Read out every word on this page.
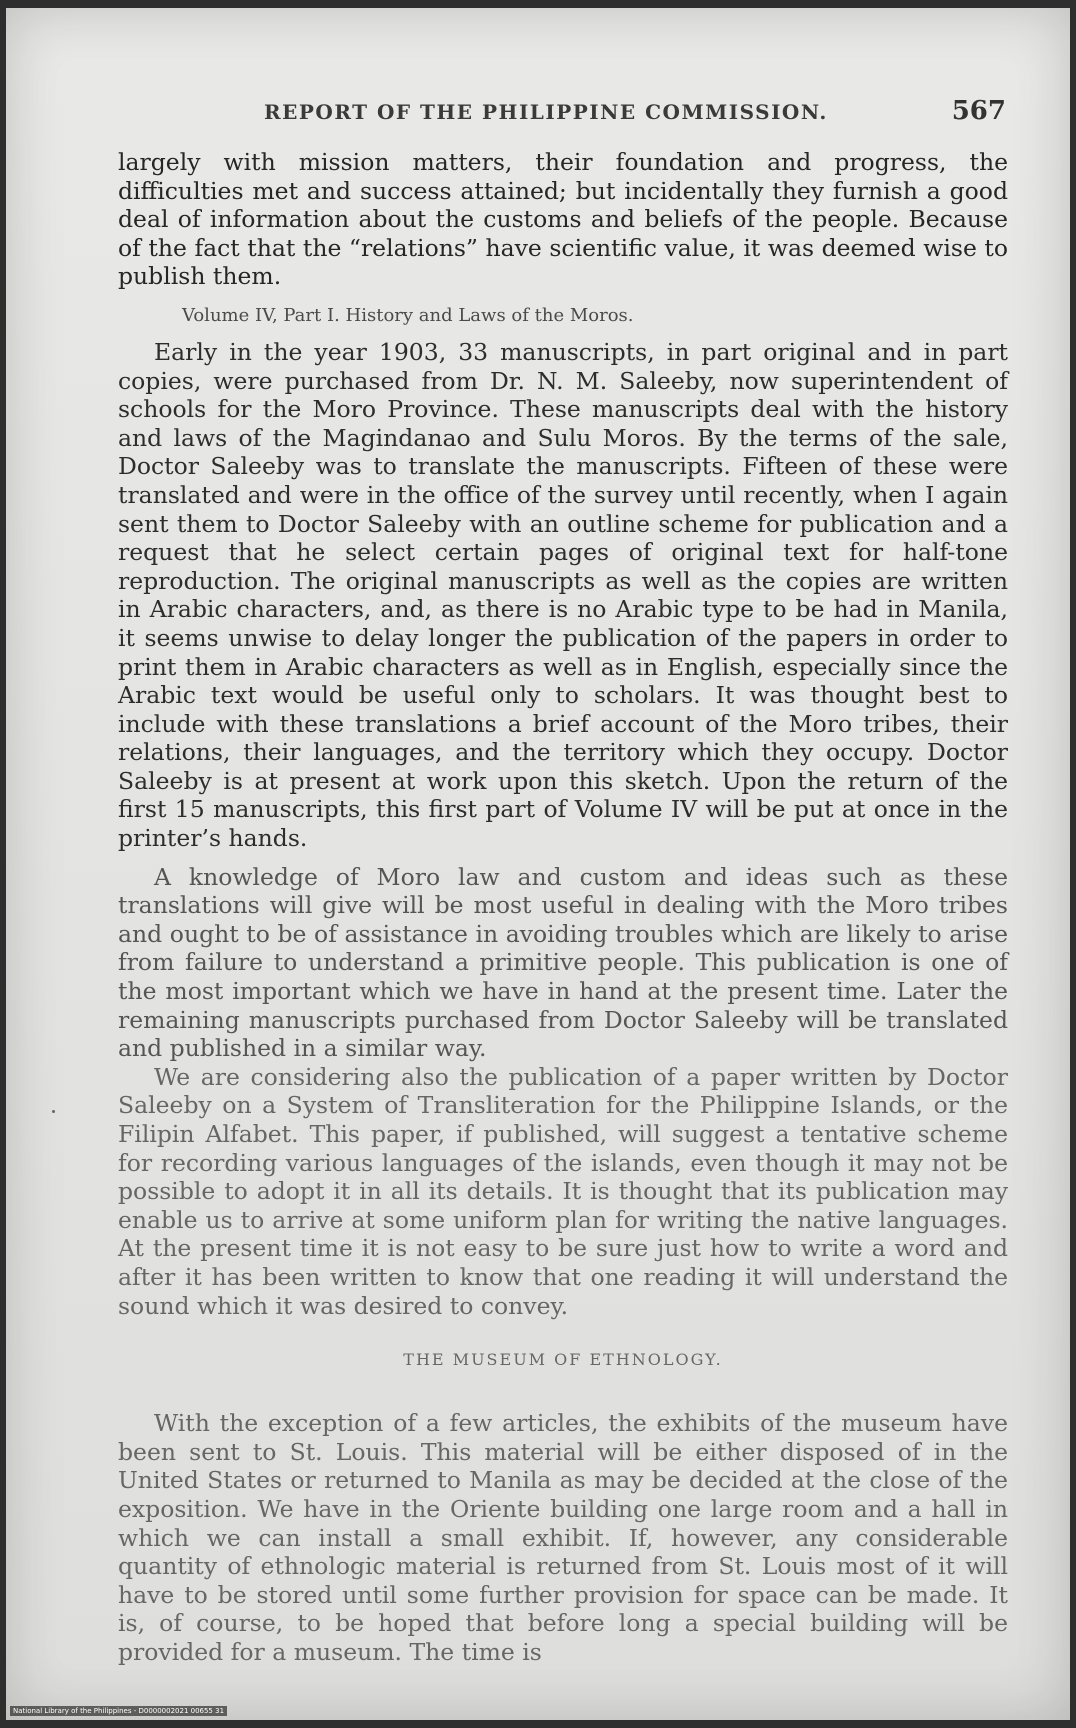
REPORT OF THE PHILIPPINE COMMISSION.	567

largely with mission matters, their foundation and progress, the difficulties met and success attained; but incidentally they furnish a good deal of information about the customs and beliefs of the people. Because of the fact that the “relations” have scientific value, it was deemed wise to publish them.

Volume IV, Part I. History and Laws of the Moros.

Early in the year 1903, 33 manuscripts, in part original and in part copies, were purchased from Dr. N. M. Saleeby, now superintendent of schools for the Moro Province. These manuscripts deal with the history and laws of the Magindanao and Sulu Moros. By the terms of the sale, Doctor Saleeby was to translate the manuscripts. Fifteen of these were translated and were in the office of the survey until recently, when I again sent them to Doctor Saleeby with an outline scheme for publication and a request that he select certain pages of original text for half-tone reproduction. The original manuscripts as well as the copies are written in Arabic characters, and, as there is no Arabic type to be had in Manila, it seems unwise to delay longer the publication of the papers in order to print them in Arabic characters as well as in English, especially since the Arabic text would be useful only to scholars. It was thought best to include with these translations a brief account of the Moro tribes, their relations, their languages, and the territory which they occupy. Doctor Saleeby is at present at work upon this sketch. Upon the return of the first 15 manuscripts, this first part of Volume IV will be put at once in the printer’s hands.

A knowledge of Moro law and custom and ideas such as these translations will give will be most useful in dealing with the Moro tribes and ought to be of assistance in avoiding troubles which are likely to arise from failure to understand a primitive people. This publication is one of the most important which we have in hand at the present time. Later the remaining manuscripts purchased from Doctor Saleeby will be translated and published in a similar way.

We are considering also the publication of a paper written by Doctor Saleeby on a System of Transliteration for the Philippine Islands, or the Filipin Alfabet. This paper, if published, will suggest a tentative scheme for recording various languages of the islands, even though it may not be possible to adopt it in all its details. It is thought that its publication may enable us to arrive at some uniform plan for writing the native languages. At the present time it is not easy to be sure just how to write a word and after it has been written to know that one reading it will understand the sound which it was desired to convey.

THE MUSEUM OF ETHNOLOGY.

With the exception of a few articles, the exhibits of the museum have been sent to St. Louis. This material will be either disposed of in the United States or returned to Manila as may be decided at the close of the exposition. We have in the Oriente building one large room and a hall in which we can install a small exhibit. If, however, any considerable quantity of ethnologic material is returned from St. Louis most of it will have to be stored until some further provision for space can be made. It is, of course, to be hoped that before long a special building will be provided for a museum. The time is

National Library of the Philippines - D0000002021 00655 31
